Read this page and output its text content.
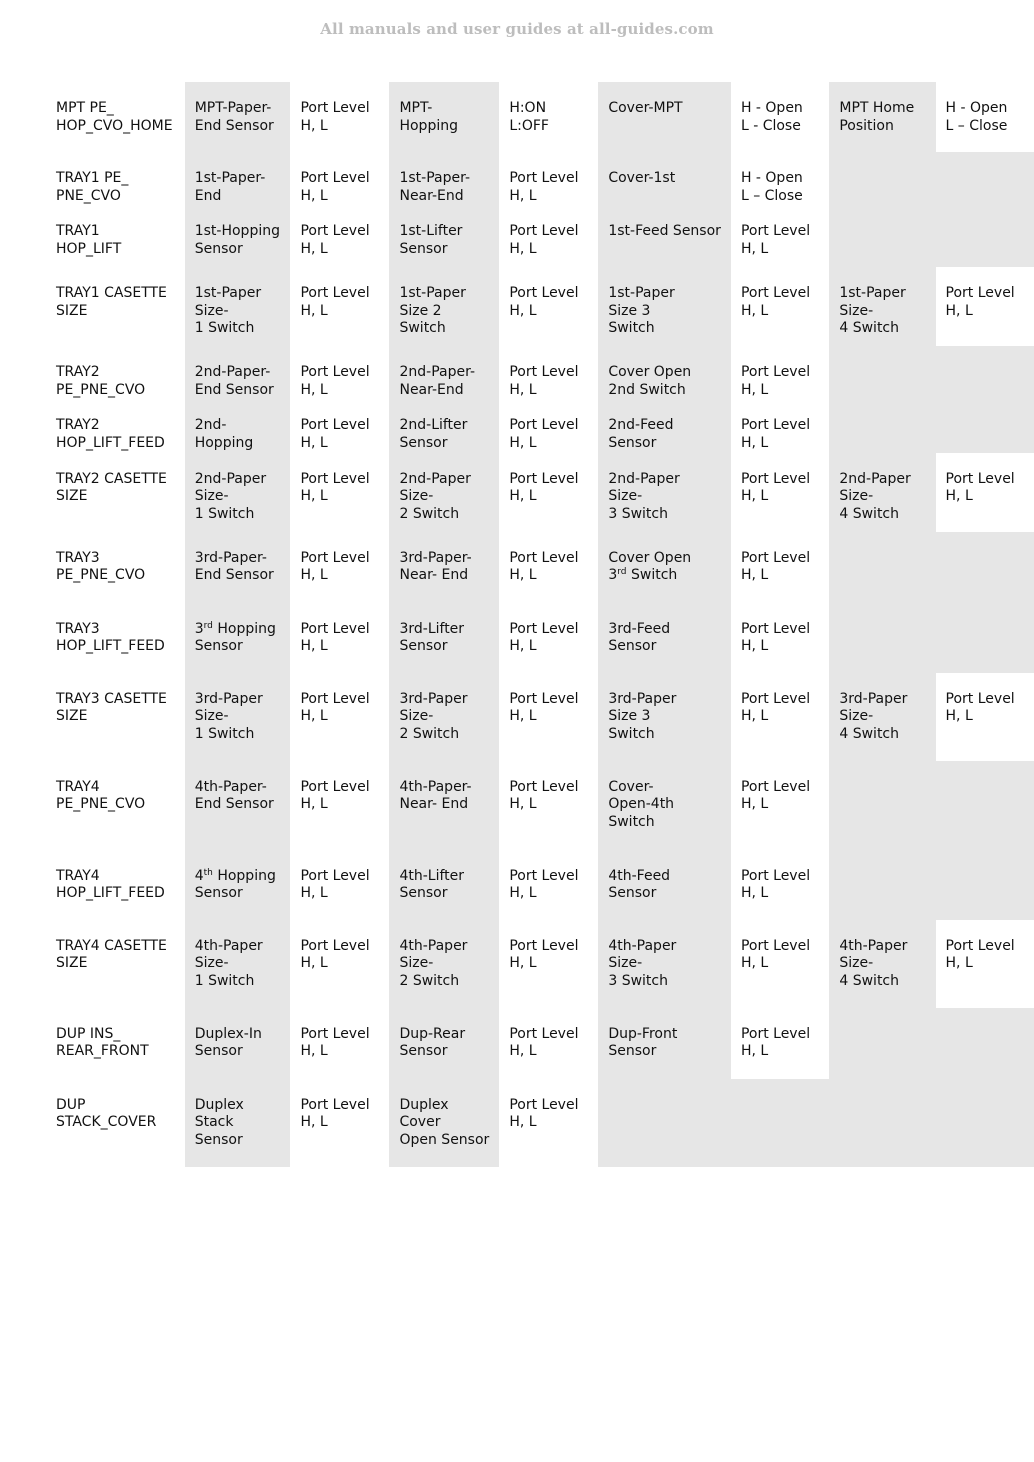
All manuals and user guides at all-guides.com
MPT PE_
HOP_CVO_HOME	MPT-Paper-
End Sensor	Port Level
H, L	MPT-
Hopping	H:ON
L:OFF	Cover-MPT	H - Open
L - Close	MPT Home
Position	H - Open
L – Close
TRAY1 PE_
PNE_CVO	1st-Paper-
End	Port Level
H, L	1st-Paper-
Near-End	Port Level
H, L	Cover-1st	H - Open
L – Close		
TRAY1
HOP_LIFT	1st-Hopping
Sensor	Port Level
H, L	1st-Lifter
Sensor	Port Level
H, L	1st-Feed Sensor	Port Level
H, L		
TRAY1 CASETTE
SIZE	1st-Paper
Size-
1 Switch	Port Level
H, L	1st-Paper
Size 2
Switch	Port Level
H, L	1st-Paper
Size 3
Switch	Port Level
H, L	1st-Paper
Size-
4 Switch	Port Level
H, L
TRAY2
PE_PNE_CVO	2nd-Paper-
End Sensor	Port Level
H, L	2nd-Paper-
Near-End	Port Level
H, L	Cover Open
2nd Switch	Port Level
H, L		
TRAY2
HOP_LIFT_FEED	2nd-
Hopping	Port Level
H, L	2nd-Lifter
Sensor	Port Level
H, L	2nd-Feed
Sensor	Port Level
H, L		
TRAY2 CASETTE
SIZE	2nd-Paper
Size-
1 Switch	Port Level
H, L	2nd-Paper
Size-
2 Switch	Port Level
H, L	2nd-Paper
Size-
3 Switch	Port Level
H, L	2nd-Paper
Size-
4 Switch	Port Level
H, L
TRAY3
PE_PNE_CVO	3rd-Paper-
End Sensor	Port Level
H, L	3rd-Paper-
Near- End	Port Level
H, L	Cover Open
3rd Switch	Port Level
H, L		
TRAY3
HOP_LIFT_FEED	3rd Hopping
Sensor	Port Level
H, L	3rd-Lifter
Sensor	Port Level
H, L	3rd-Feed
Sensor	Port Level
H, L		
TRAY3 CASETTE
SIZE	3rd-Paper
Size-
1 Switch	Port Level
H, L	3rd-Paper
Size-
2 Switch	Port Level
H, L	3rd-Paper
Size 3
Switch	Port Level
H, L	3rd-Paper
Size-
4 Switch	Port Level
H, L
TRAY4
PE_PNE_CVO	4th-Paper-
End Sensor	Port Level
H, L	4th-Paper-
Near- End	Port Level
H, L	Cover-
Open-4th
Switch	Port Level
H, L		
TRAY4
HOP_LIFT_FEED	4th Hopping
Sensor	Port Level
H, L	4th-Lifter
Sensor	Port Level
H, L	4th-Feed
Sensor	Port Level
H, L		
TRAY4 CASETTE
SIZE	4th-Paper
Size-
1 Switch	Port Level
H, L	4th-Paper
Size-
2 Switch	Port Level
H, L	4th-Paper
Size-
3 Switch	Port Level
H, L	4th-Paper
Size-
4 Switch	Port Level
H, L
DUP INS_
REAR_FRONT	Duplex-In
Sensor	Port Level
H, L	Dup-Rear
Sensor	Port Level
H, L	Dup-Front
Sensor	Port Level
H, L		
DUP
STACK_COVER	Duplex
Stack
Sensor	Port Level
H, L	Duplex
Cover
Open Sensor	Port Level
H, L				
